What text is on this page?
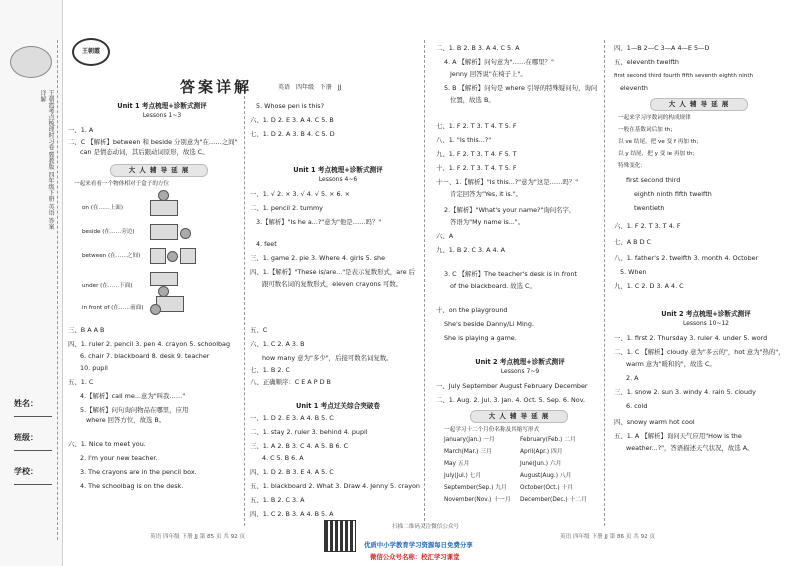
王朝霞考点梳理时习卷 冀教版 四年级下册 英语 答案详解
姓名：
班级：
学校：
王朝霞
答案详解	英语 四年级 下册 JJ
Unit 1 考点梳理+诊断式测评
Lessons 1~3
一、1. A
二、C 【解析】between 和 beside 分别意为"在……之间"
can 是情态动词，其后跟动词原形，故选 C。
大 人 辅 导 延 展
一起来看看一个物体相对于盒子的方位
on (在……上面)
beside (在……旁边)
between (在……之间)
under (在……下面)
in front of (在……前面)
三、B A A B
四、1. ruler 2. pencil 3. pen 4. crayon 5. schoolbag
6. chair 7. blackboard 8. desk 9. teacher
10. pupil
五、1. C
4.【解析】call me...意为"叫我……"
5.【解析】问句询问物品在哪里，应用
where 回答方位，故选 B。
六、1. Nice to meet you.
2. I'm your new teacher.
3. The crayons are in the pencil box.
4. The schoolbag is on the desk.
5. Whose pen is this?
六、1. D 2. E 3. A 4. C 5. B
七、1. D 2. A 3. B 4. C 5. D
Unit 1 考点梳理+诊断式测评
Lessons 4~6
一、1. √ 2. × 3. √ 4. √ 5. × 6. ×
二、1. pencil 2. tummy
3.【解析】"Is he a...?"意为"他是……吗？"
4. feet
三、1. game 2. pie 3. Where 4. girls 5. she
四、1.【解析】"These is/are..."是表示复数形式，are 后
跟可数名词的复数形式，eleven crayons 可数。
五、C
六、1. C 2. A 3. B
how many 意为"多少"，后接可数名词复数。
七、1. B 2. C
八、正确顺序：C E A P D B
Unit 1 考点过关综合突破卷
一、1. D 2. E 3. A 4. B 5. C
二、1. stay 2. ruler 3. behind 4. pupil
三、1. A 2. B 3. C 4. A 5. B 6. C
4. C 5. B 6. A
四、1. D 2. B 3. E 4. A 5. C
五、1. blackboard 2. What 3. Draw 4. Jenny 5. crayon
五、1. B 2. C 3. A
四、1. C 2. B 3. A 4. B 5. A
二、1. B 2. B 3. A 4. C 5. A
4. A 【解析】问句意为"……在哪里？"
Jenny 回答说"在椅子上"。
5. B 【解析】问句是 where 引导的特殊疑问句，询问
位置，故选 B。
七、1. F 2. T 3. T 4. T 5. F
八、1. "Is this...?"
九、1. F 2. T 3. T 4. F 5. T
十、1. F 2. T 3. T 4. T 5. F
十一、1.【解析】"Is this...?"意为"这是……吗？"
肯定回答为"Yes, it is."。
2.【解析】"What's your name?"询问名字，
答语为"My name is..."。
六、A
九、1. B 2. C 3. A 4. A
3. C 【解析】The teacher's desk is in front
of the blackboard. 故选 C。
十、on the playground
She's beside Danny/Li Ming.
She is playing a game.
Unit 2 考点梳理+诊断式测评
Lessons 7~9
一、July September August February December
二、1. Aug. 2. Jul. 3. Jan. 4. Oct. 5. Sep. 6. Nov.
大 人 辅 导 延 展
一起学习十二个月份名称及其缩写形式
January(Jan.) 一月	February(Feb.) 二月
March(Mar.) 三月	April(Apr.) 四月
May 五月	June(Jun.) 六月
July(Jul.) 七月	August(Aug.) 八月
September(Sep.) 九月 October(Oct.) 十月
November(Nov.) 十一月 December(Dec.) 十二月
四、1—B 2—C 3—A 4—E 5—D
五、eleventh twelfth
first second third fourth fifth seventh eighth ninth
eleventh
大 人 辅 导 延 展
一起来学习序数词的构成规律
一般在基数词后加 th；
以 ve 结尾，把 ve 变 f 再加 th；
以 y 结尾，把 y 变 ie 再加 th；
特殊变化：
first second third
eighth ninth fifth twelfth
twentieth
六、1. F 2. T 3. T 4. F
七、A B D C
八、1. father's 2. twelfth 3. month 4. October
5. When
九、1. C 2. D 3. A 4. C
Unit 2 考点梳理+诊断式测评
Lessons 10~12
一、1. first 2. Thursday 3. ruler 4. under 5. word
二、1. C 【解析】cloudy 意为"多云的"，hot 意为"热的"，
warm 意为"暖和的"，故选 C。
2. A
三、1. snow 2. sun 3. windy 4. rain 5. cloudy
6. cold
四、snowy warm hot cool
五、1. A 【解析】询问天气应用"How is the
weather...?"，答语描述天气状况，故选 A。
英语 四年级 下册 JJ 第 85 页 共 92 页	英语 四年级 下册 JJ 第 86 页 共 92 页
扫描二维码关注微信公众号
优质中小学教育学习资源每日免费分享
微信公众号名称：校汇学习课堂
